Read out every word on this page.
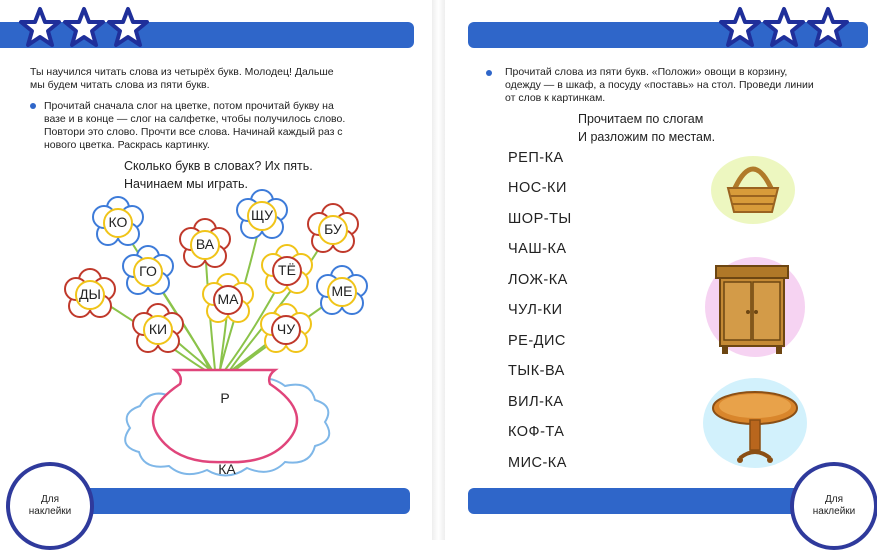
Ты научился читать слова из четырёх букв. Молодец! Дальше
мы будем читать слова из пяти букв.
Прочитай сначала слог на цветке, потом прочитай букву на
вазе и в конце — слог на салфетке, чтобы получилось слово.
Повтори это слово. Прочти все слова. Начинай каждый раз с
нового цветка. Раскрась картинку.
Сколько букв в словах? Их пять.
Начинаем мы играть.
КО	ЩУ
БУ
ВА
ГО	ТЁ
ДЫ	МА	МЕ
КИ	ЧУ
Р
КА
Для
наклейки
Прочитай слова из пяти букв. «Положи» овощи в корзину,
одежду — в шкаф, а посуду «поставь» на стол. Проведи линии
от слов к картинкам.
Прочитаем по слогам
И разложим по местам.
РЕП-КА
НОС-КИ
ШОР-ТЫ
ЧАШ-КА
ЛОЖ-КА
ЧУЛ-КИ
РЕ-ДИС
ТЫК-ВА
ВИЛ-КА
КОФ-ТА
МИС-КА
Для
наклейки
